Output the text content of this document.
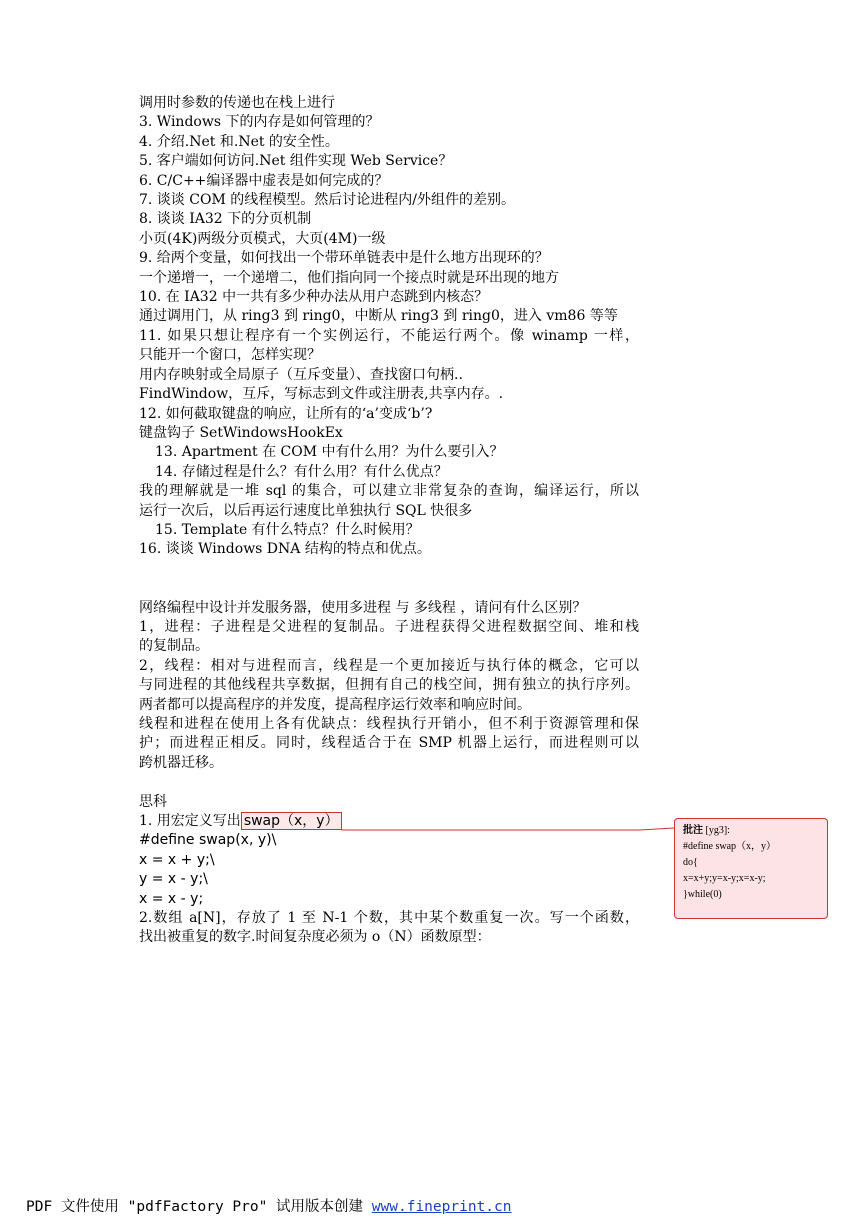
调用时参数的传递也在栈上进行
3. Windows 下的内存是如何管理的？
4. 介绍.Net 和.Net 的安全性。
5. 客户端如何访问.Net 组件实现 Web Service？
6. C/C++编译器中虚表是如何完成的？
7. 谈谈 COM 的线程模型。然后讨论进程内/外组件的差别。
8. 谈谈 IA32 下的分页机制
小页(4K)两级分页模式，大页(4M)一级
9. 给两个变量，如何找出一个带环单链表中是什么地方出现环的？
一个递增一，一个递增二，他们指向同一个接点时就是环出现的地方
10. 在 IA32 中一共有多少种办法从用户态跳到内核态？
通过调用门，从 ring3 到 ring0，中断从 ring3 到 ring0，进入 vm86 等等
11. 如果只想让程序有一个实例运行，不能运行两个。像 winamp 一样，
只能开一个窗口，怎样实现？
用内存映射或全局原子（互斥变量）、查找窗口句柄..
FindWindow，互斥，写标志到文件或注册表,共享内存。.
12. 如何截取键盘的响应，让所有的‘a’变成‘b’?
键盘钩子 SetWindowsHookEx
13. Apartment 在 COM 中有什么用？为什么要引入？
14. 存储过程是什么？有什么用？有什么优点？
我的理解就是一堆 sql 的集合，可以建立非常复杂的查询，编译运行，所以
运行一次后，以后再运行速度比单独执行 SQL 快很多
15. Template 有什么特点？什么时候用？
16. 谈谈 Windows DNA 结构的特点和优点。
网络编程中设计并发服务器，使用多进程 与 多线程 ，请问有什么区别？
1，进程：子进程是父进程的复制品。子进程获得父进程数据空间、堆和栈
的复制品。
2，线程：相对与进程而言，线程是一个更加接近与执行体的概念，它可以
与同进程的其他线程共享数据，但拥有自己的栈空间，拥有独立的执行序列。
两者都可以提高程序的并发度，提高程序运行效率和响应时间。
线程和进程在使用上各有优缺点：线程执行开销小，但不利于资源管理和保
护；而进程正相反。同时，线程适合于在 SMP 机器上运行，而进程则可以
跨机器迁移。
思科
1. 用宏定义写出 swap（x，y）
#define swap(x, y)\
x = x + y;\
y = x - y;\
x = x - y;
2.数组 a[N]，存放了 1 至 N-1 个数，其中某个数重复一次。写一个函数，
找出被重复的数字.时间复杂度必须为 o（N）函数原型：
批注 [yg3]:
#define swap（x，y）
do{
x=x+y;y=x-y;x=x-y;
}while(0)
PDF 文件使用 "pdfFactory Pro" 试用版本创建 www.fineprint.cn
